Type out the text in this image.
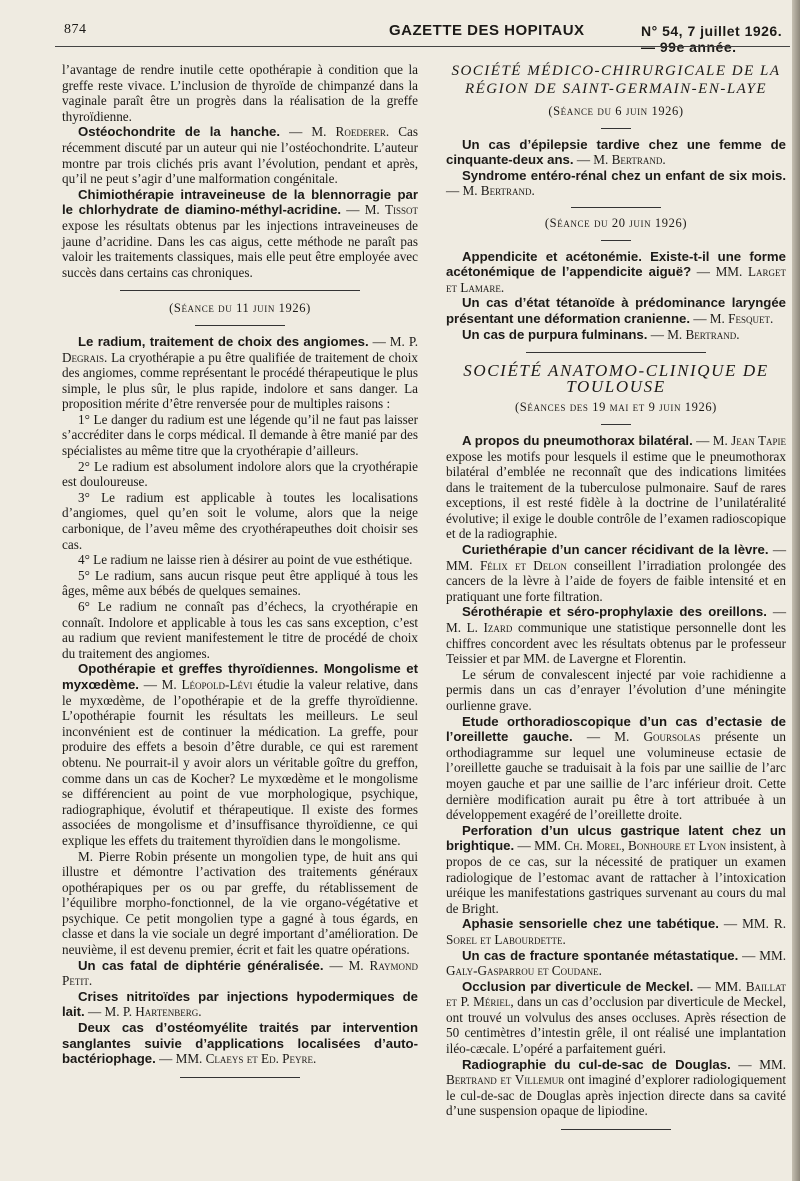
874	GAZETTE DES HOPITAUX	N° 54, 7 juillet 1926. — 99e année.

l’avantage de rendre inutile cette opothérapie à condition que la greffe reste vivace. L’inclusion de thyroïde de chimpanzé dans la vaginale paraît être un progrès dans la réalisation de la greffe thyroïdienne.

Ostéochondrite de la hanche. — M. Roederer. Cas récemment discuté par un auteur qui nie l’ostéochondrite. L’auteur montre par trois clichés pris avant l’évolution, pendant et après, qu’il ne peut s’agir d’une malformation congénitale.

Chimiothérapie intraveineuse de la blennorragie par le chlorhydrate de diamino-méthyl-acridine. — M. Tissot expose les résultats obtenus par les injections intraveineuses de jaune d’acridine. Dans les cas aigus, cette méthode ne paraît pas valoir les traitements classiques, mais elle peut être employée avec succès dans certains cas chroniques.

(Séance du 11 juin 1926)

Le radium, traitement de choix des angiomes. — M. P. Degrais. La cryothérapie a pu être qualifiée de traitement de choix des angiomes, comme représentant le procédé thérapeutique le plus simple, le plus sûr, le plus rapide, indolore et sans danger. La proposition mérite d’être renversée pour de multiples raisons :

1° Le danger du radium est une légende qu’il ne faut pas laisser s’accréditer dans le corps médical. Il demande à être manié par des spécialistes au même titre que la cryothérapie d’ailleurs.

2° Le radium est absolument indolore alors que la cryothérapie est douloureuse.

3° Le radium est applicable à toutes les localisations d’angiomes, quel qu’en soit le volume, alors que la neige carbonique, de l’aveu même des cryothérapeuthes doit choisir ses cas.

4° Le radium ne laisse rien à désirer au point de vue esthétique.

5° Le radium, sans aucun risque peut être appliqué à tous les âges, même aux bébés de quelques semaines.

6° Le radium ne connaît pas d’échecs, la cryothérapie en connaît. Indolore et applicable à tous les cas sans exception, c’est au radium que revient manifestement le titre de procédé de choix du traitement des angiomes.

Opothérapie et greffes thyroïdiennes. Mongolisme et myxœdème. — M. Léopold-Lévi étudie la valeur relative, dans le myxœdème, de l’opothérapie et de la greffe thyroïdienne. L’opothérapie fournit les résultats les meilleurs. Le seul inconvénient est de continuer la médication. La greffe, pour produire des effets a besoin d’être durable, ce qui est rarement obtenu. Ne pourrait-il y avoir alors un véritable goître du greffon, comme dans un cas de Kocher? Le myxœdème et le mongolisme se différencient au point de vue morphologique, psychique, radiographique, évolutif et thérapeutique. Il existe des formes associées de mongolisme et d’insuffisance thyroïdienne, ce qui explique les effets du traitement thyroïdien dans le mongolisme.

M. Pierre Robin présente un mongolien type, de huit ans qui illustre et démontre l’activation des traitements généraux opothérapiques per os ou par greffe, du rétablissement de l’équilibre morpho-fonctionnel, de la vie organo-végétative et psychique. Ce petit mongolien type a gagné à tous égards, en classe et dans la vie sociale un degré important d’amélioration. De neuvième, il est devenu premier, écrit et fait les quatre opérations.

Un cas fatal de diphtérie généralisée. — M. Raymond Petit.

Crises nitritoïdes par injections hypodermiques de lait. — M. P. Hartenberg.

Deux cas d’ostéomyélite traités par intervention sanglantes suivie d’applications localisées d’auto-bactériophage. — MM. Claeys et Ed. Peyre.

SOCIÉTÉ MÉDICO-CHIRURGICALE DE LA RÉGION DE SAINT-GERMAIN-EN-LAYE
(Séance du 6 juin 1926)

Un cas d’épilepsie tardive chez une femme de cinquante-deux ans. — M. Bertrand.

Syndrome entéro-rénal chez un enfant de six mois. — M. Bertrand.

(Séance du 20 juin 1926)

Appendicite et acétonémie. Existe-t-il une forme acétonémique de l’appendicite aiguë? — MM. Larget et Lamare.

Un cas d’état tétanoïde à prédominance laryngée présentant une déformation cranienne. — M. Fesquet.

Un cas de purpura fulminans. — M. Bertrand.

SOCIÉTÉ ANATOMO-CLINIQUE DE TOULOUSE
(Séances des 19 mai et 9 juin 1926)

A propos du pneumothorax bilatéral. — M. Jean Tapie expose les motifs pour lesquels il estime que le pneumothorax bilatéral d’emblée ne reconnaît que des indications limitées dans le traitement de la tuberculose pulmonaire. Sauf de rares exceptions, il est resté fidèle à la doctrine de l’unilatéralité évolutive; il exige le double contrôle de l’examen radioscopique et de la radiographie.

Curiethérapie d’un cancer récidivant de la lèvre. — MM. Félix et Delon conseillent l’irradiation prolongée des cancers de la lèvre à l’aide de foyers de faible intensité et en pratiquant une forte filtration.

Sérothérapie et séro-prophylaxie des oreillons. — M. L. Izard communique une statistique personnelle dont les chiffres concordent avec les résultats obtenus par le professeur Teissier et par MM. de Lavergne et Florentin.

Le sérum de convalescent injecté par voie rachidienne a permis dans un cas d’enrayer l’évolution d’une méningite ourlienne grave.

Etude orthoradioscopique d’un cas d’ectasie de l’oreillette gauche. — M. Goursolas présente un orthodiagramme sur lequel une volumineuse ectasie de l’oreillette gauche se traduisait à la fois par une saillie de l’arc moyen gauche et par une saillie de l’arc inférieur droit. Cette dernière modification aurait pu être à tort attribuée à un développement exagéré de l’oreillette droite.

Perforation d’un ulcus gastrique latent chez un brightique. — MM. Ch. Morel, Bonhoure et Lyon insistent, à propos de ce cas, sur la nécessité de pratiquer un examen radiologique de l’estomac avant de rattacher à l’intoxication uréique les manifestations gastriques survenant au cours du mal de Bright.

Aphasie sensorielle chez une tabétique. — MM. R. Sorel et Labourdette.

Un cas de fracture spontanée métastatique. — MM. Galy-Gasparrou et Coudane.

Occlusion par diverticule de Meckel. — MM. Baillat et P. Mériel, dans un cas d’occlusion par diverticule de Meckel, ont trouvé un volvulus des anses occluses. Après résection de 50 centimètres d’intestin grêle, il ont réalisé une implantation iléo-cæcale. L’opéré a parfaitement guéri.

Radiographie du cul-de-sac de Douglas. — MM. Bertrand et Villemur ont imaginé d’explorer radiologiquement le cul-de-sac de Douglas après injection directe dans sa cavité d’une suspension opaque de lipiodine.
